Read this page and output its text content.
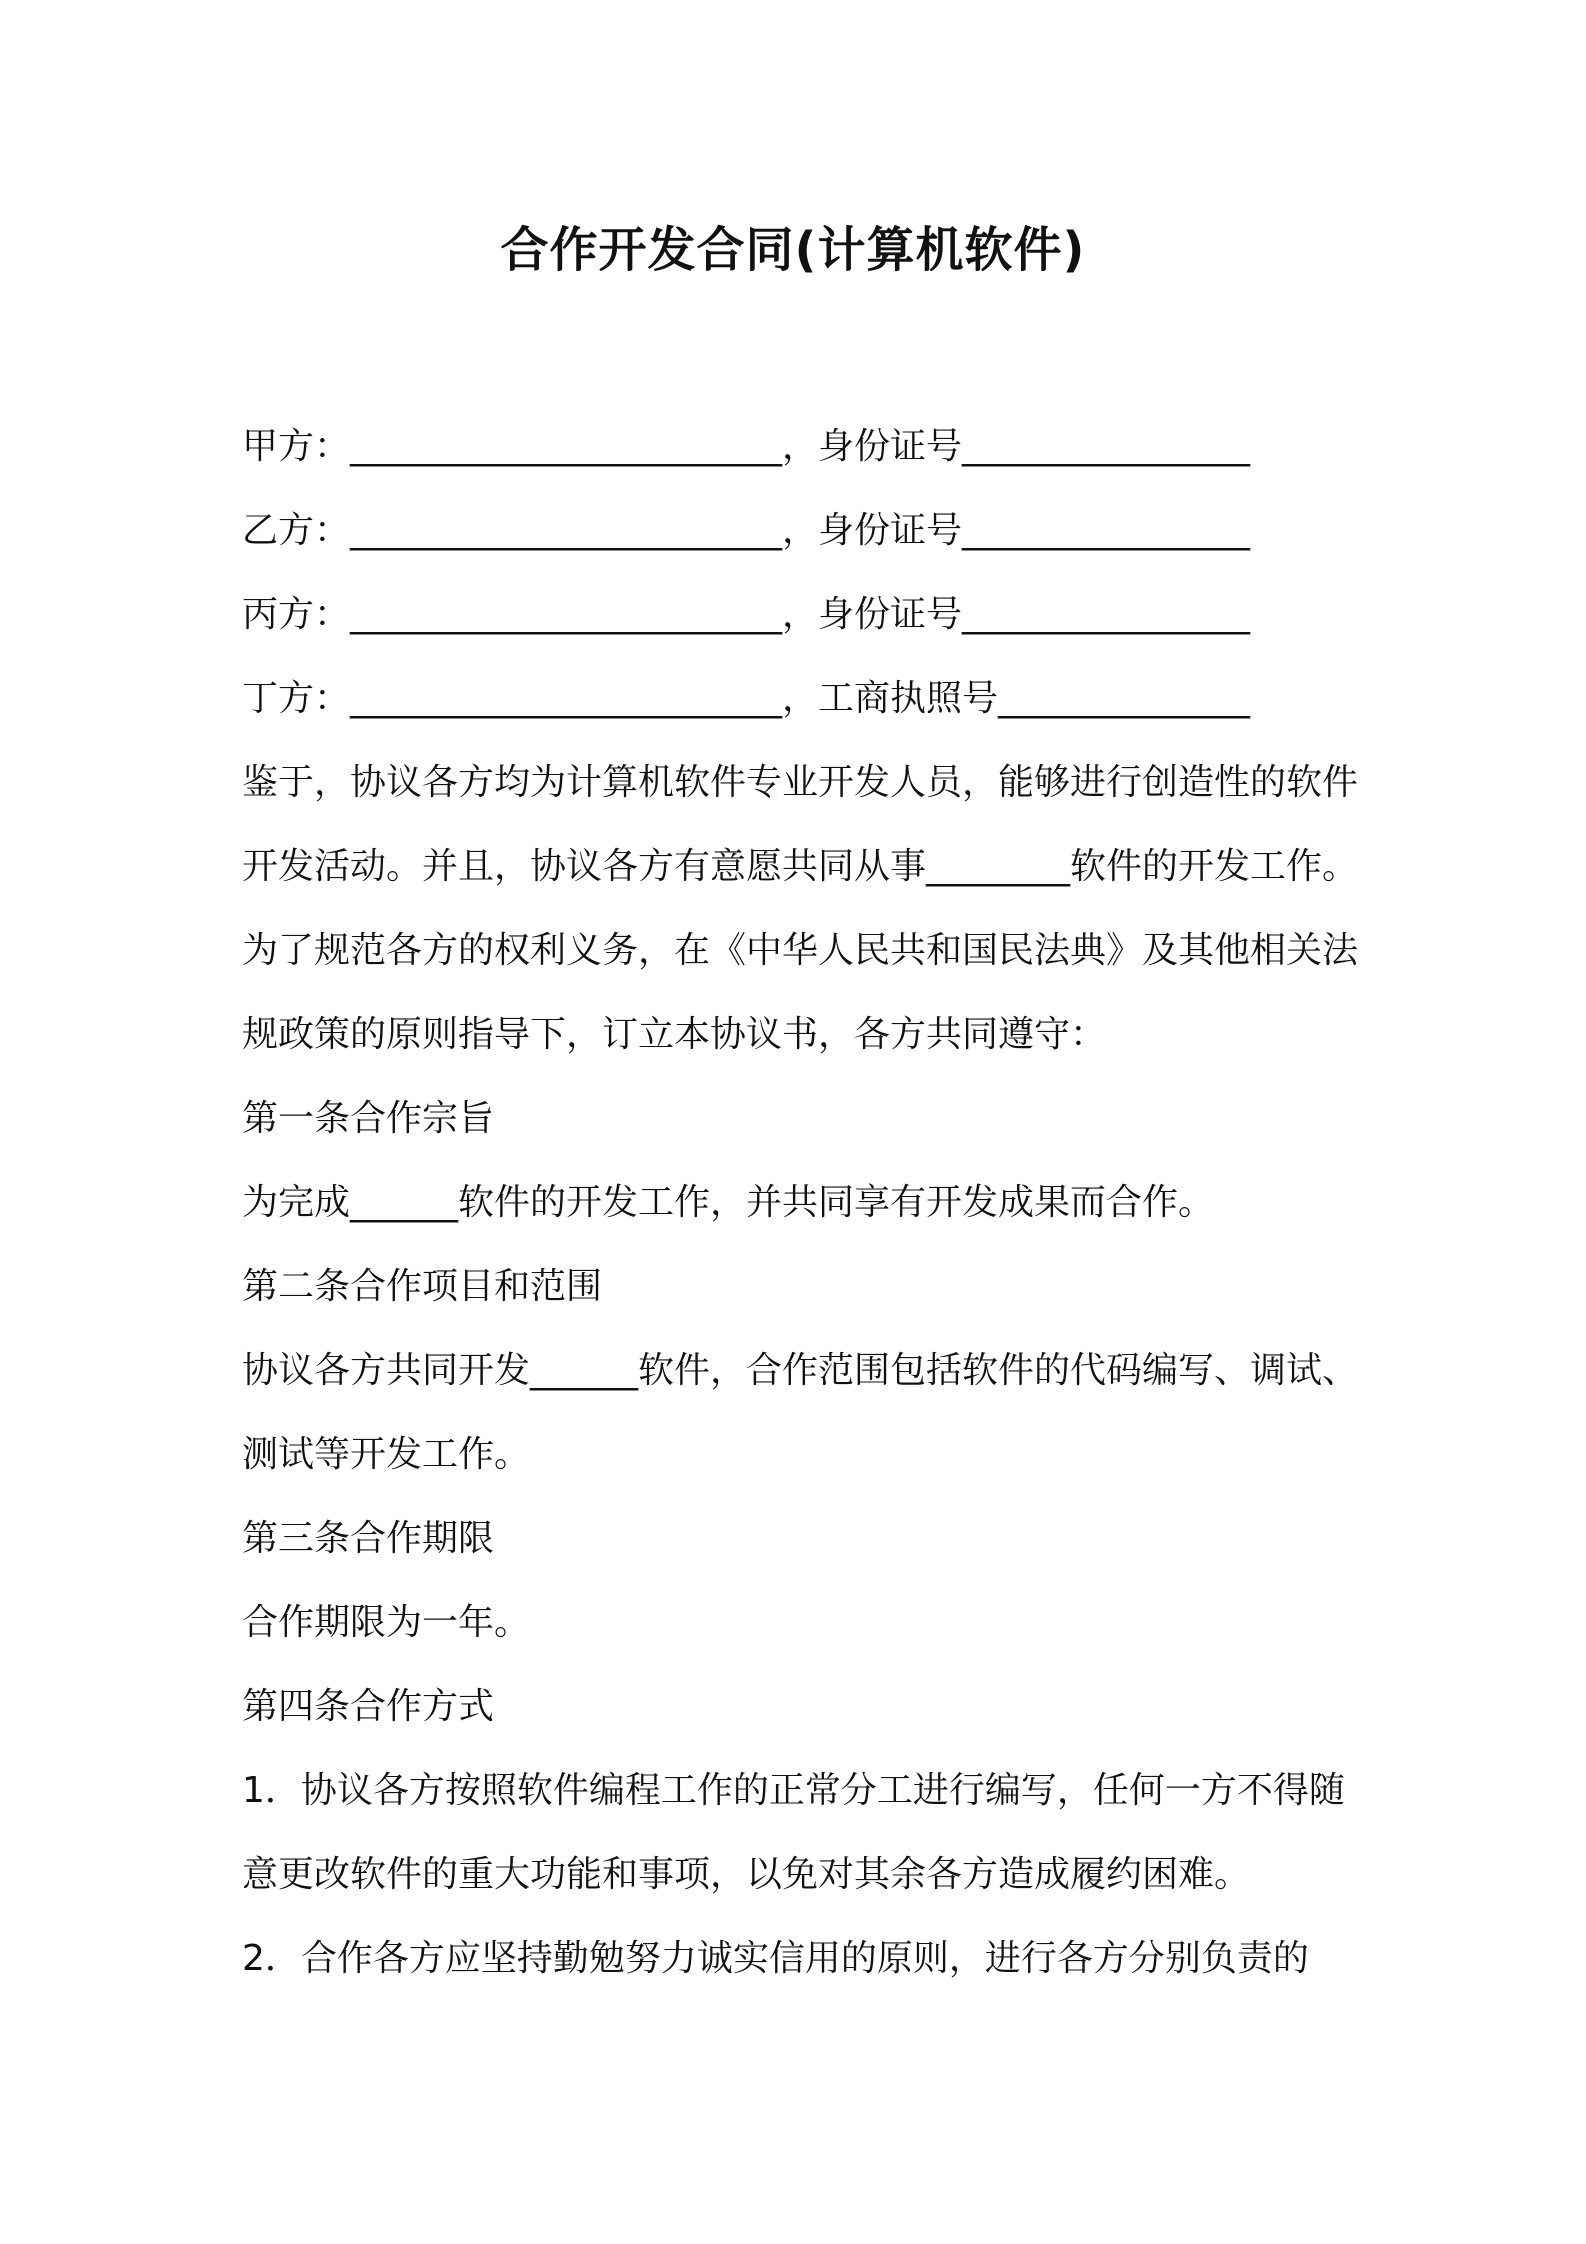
合作开发合同(计算机软件)

甲方：________________________，身份证号________________

乙方：________________________，身份证号________________

丙方：________________________，身份证号________________

丁方：________________________，工商执照号______________

鉴于，协议各方均为计算机软件专业开发人员，能够进行创造性的软件开发活动。并且，协议各方有意愿共同从事________软件的开发工作。为了规范各方的权利义务，在《中华人民共和国民法典》及其他相关法规政策的原则指导下，订立本协议书，各方共同遵守：

第一条合作宗旨

为完成______软件的开发工作，并共同享有开发成果而合作。

第二条合作项目和范围

协议各方共同开发______软件，合作范围包括软件的代码编写、调试、测试等开发工作。

第三条合作期限

合作期限为一年。

第四条合作方式

1．协议各方按照软件编程工作的正常分工进行编写，任何一方不得随意更改软件的重大功能和事项，以免对其余各方造成履约困难。

2．合作各方应坚持勤勉努力诚实信用的原则，进行各方分别负责的
